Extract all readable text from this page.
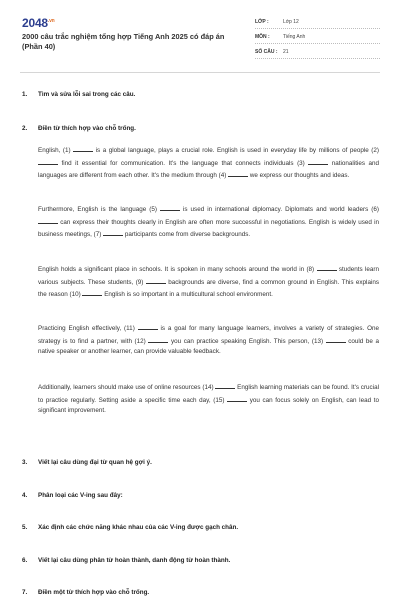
$2048^{.vn}$
2000 câu trắc nghiệm tổng hợp Tiếng Anh 2025 có đáp án (Phần 40)
LỚP :	Lớp 12
MÔN :	Tiếng Anh
SỐ CÂU :	21
1.	Tìm và sửa lỗi sai trong các câu.
2.	Điền từ thích hợp vào chỗ trống.

English, (1)	is a global language, plays a crucial role. English is used in everyday life by millions of people (2)  find it essential for communication. It's the language that connects individuals (3)	nationalities and languages are different from each other. It's the medium through (4)	we express our thoughts and ideas.

Furthermore, English is the language (5)	is used in international diplomacy. Diplomats and world leaders (6)  can express their thoughts clearly in English are often more successful in negotiations. English is widely used in business meetings, (7)	participants come from diverse backgrounds.

English holds a significant place in schools. It is spoken in many schools around the world in (8)	students learn various subjects. These students, (9)	backgrounds are diverse, find a common ground in English. This explains the reason (10)	English is so important in a multicultural school environment.

Practicing English effectively, (11)	is a goal for many language learners, involves a variety of strategies. One strategy is to find a partner, with (12)	you can practice speaking English. This person, (13)	could be a native speaker or another learner, can provide valuable feedback.

Additionally, learners should make use of online resources (14)	English learning materials can be found. It's crucial to practice regularly. Setting aside a specific time each day, (15)	you can focus solely on English, can lead to significant improvement.

3.	Viết lại câu dùng đại từ quan hệ gợi ý.
4.	Phân loại các V-ing sau đây:
5.	Xác định các chức năng khác nhau của các V-ing được gạch chân.
6.	Viết lại câu dùng phân từ hoàn thành, danh động từ hoàn thành.
7.	Điền một từ thích hợp vào chỗ trống.
